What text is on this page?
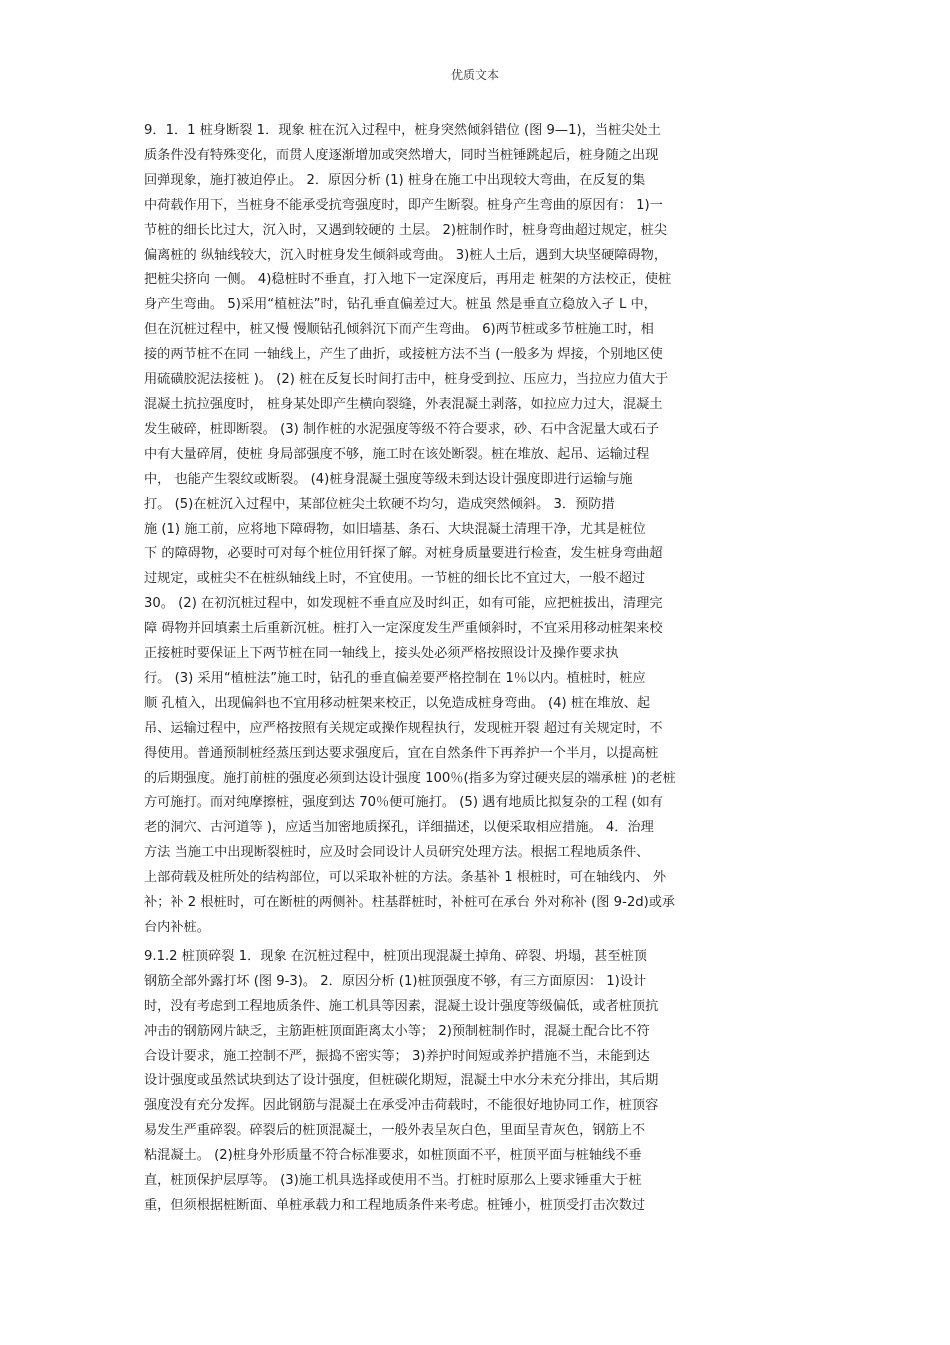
优质文本
9．1．1 桩身断裂 1．现象 桩在沉入过程中，桩身突然倾斜错位 (图 9—1)，当桩尖处土
质条件没有特殊变化，而贯人度逐渐增加或突然增大，同时当桩锤跳起后，桩身随之出现
回弹现象，施打被迫停止。 2．原因分析 (1) 桩身在施工中出现较大弯曲，在反复的集
中荷载作用下，当桩身不能承受抗弯强度时，即产生断裂。桩身产生弯曲的原因有： 1)一
节桩的细长比过大，沉入时，又遇到较硬的 土层。 2)桩制作时，桩身弯曲超过规定，桩尖
偏离桩的 纵轴线较大，沉入时桩身发生倾斜或弯曲。 3)桩人土后，遇到大块坚硬障碍物，
把桩尖挤向 一侧。 4)稳桩时不垂直，打入地下一定深度后，再用走 桩架的方法校正，使桩
身产生弯曲。 5)采用“植桩法”时，钻孔垂直偏差过大。桩虽 然是垂直立稳放入孑 L 中，
但在沉桩过程中，桩又慢 慢顺钻孔倾斜沉下而产生弯曲。 6)两节桩或多节桩施工时，相
接的两节桩不在同 一轴线上，产生了曲折，或接桩方法不当 (一般多为 焊接，个别地区使
用硫磺胶泥法接桩 )。 (2) 桩在反复长时间打击中，桩身受到拉、压应力，当拉应力值大于
混凝土抗拉强度时， 桩身某处即产生横向裂缝，外表混凝土剥落，如拉应力过大，混凝土
发生破碎，桩即断裂。 (3) 制作桩的水泥强度等级不符合要求，砂、石中含泥量大或石子
中有大量碎屑，使桩 身局部强度不够，施工时在该处断裂。桩在堆放、起吊、运输过程
中， 也能产生裂纹或断裂。 (4)桩身混凝土强度等级未到达设计强度即进行运输与施
打。 (5)在桩沉入过程中，某部位桩尖土软硬不均匀，造成突然倾斜。 3．预防措
施 (1) 施工前，应将地下障碍物，如旧墙基、条石、大块混凝土清理干净，尤其是桩位
下 的障碍物，必要时可对每个桩位用钎探了解。对桩身质量要进行检查，发生桩身弯曲超
过规定，或桩尖不在桩纵轴线上时，不宜使用。一节桩的细长比不宜过大，一般不超过
30。 (2) 在初沉桩过程中，如发现桩不垂直应及时纠正，如有可能，应把桩拔出，清理完
障 碍物并回填素土后重新沉桩。桩打入一定深度发生严重倾斜时，不宜采用移动桩架来校
正接桩时要保证上下两节桩在同一轴线上，接头处必须严格按照设计及操作要求执
行。 (3) 采用“植桩法”施工时，钻孔的垂直偏差要严格控制在 1％以内。植桩时，桩应
顺 孔植入，出现偏斜也不宜用移动桩架来校正，以免造成桩身弯曲。 (4) 桩在堆放、起
吊、运输过程中，应严格按照有关规定或操作规程执行，发现桩开裂 超过有关规定时，不
得使用。普通预制桩经蒸压到达要求强度后，宜在自然条件下再养护一个半月，以提高桩
的后期强度。施打前桩的强度必须到达设计强度 100％(指多为穿过硬夹层的端承桩 )的老桩
方可施打。而对纯摩擦桩，强度到达 70％便可施打。 (5) 遇有地质比拟复杂的工程 (如有
老的洞穴、古河道等 )，应适当加密地质探孔，详细描述，以便采取相应措施。 4．治理
方法 当施工中出现断裂桩时，应及时会同设计人员研究处理方法。根据工程地质条件、
上部荷载及桩所处的结构部位，可以采取补桩的方法。条基补 1 根桩时，可在轴线内、 外
补；补 2 根桩时，可在断桩的两侧补。柱基群桩时，补桩可在承台 外对称补 (图 9-2d)或承
台内补桩。
9.1.2 桩顶碎裂 1．现象 在沉桩过程中，桩顶出现混凝土掉角、碎裂、坍塌，甚至桩顶
钢筋全部外露打坏 (图 9-3)。 2．原因分析 (1)桩顶强度不够，有三方面原因： 1)设计
时，没有考虑到工程地质条件、施工机具等因素，混凝土设计强度等级偏低，或者桩顶抗
冲击的钢筋网片缺乏，主筋距桩顶面距离太小等； 2)预制桩制作时，混凝土配合比不符
合设计要求，施工控制不严，振捣不密实等； 3)养护时间短或养护措施不当，未能到达
设计强度或虽然试块到达了设计强度，但桩碳化期短，混凝土中水分未充分排出，其后期
强度没有充分发挥。因此钢筋与混凝土在承受冲击荷载时，不能很好地协同工作，桩顶容
易发生严重碎裂。碎裂后的桩顶混凝土，一般外表呈灰白色，里面呈青灰色，钢筋上不
粘混凝土。 (2)桩身外形质量不符合标准要求，如桩顶面不平，桩顶平面与桩轴线不垂
直，桩顶保护层厚等。 (3)施工机具选择或使用不当。打桩时原那么上要求锤重大于桩
重，但须根据桩断面、单桩承载力和工程地质条件来考虑。桩锤小，桩顶受打击次数过
